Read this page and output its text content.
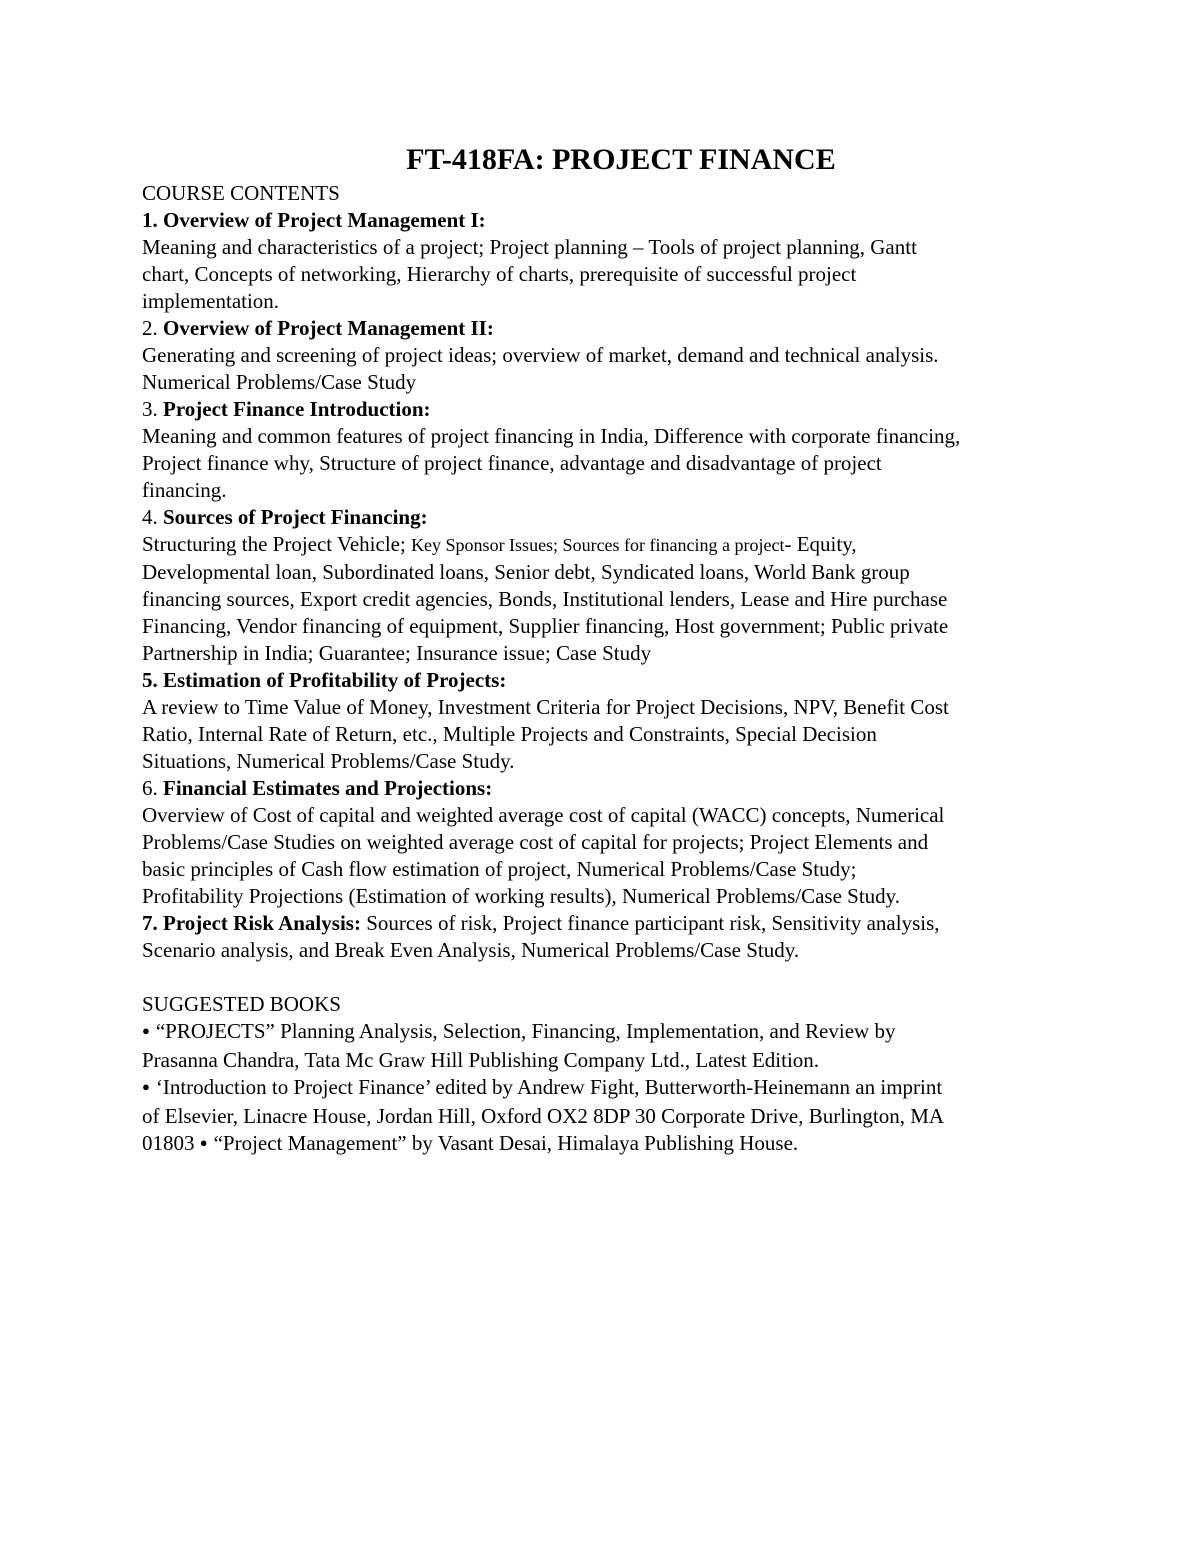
FT-418FA: PROJECT FINANCE
COURSE CONTENTS
1. Overview of Project Management I:
Meaning and characteristics of a project; Project planning – Tools of project planning, Gantt
chart, Concepts of networking, Hierarchy of charts, prerequisite of successful project
implementation.
2. Overview of Project Management II:
Generating and screening of project ideas; overview of market, demand and technical analysis.
Numerical Problems/Case Study
3. Project Finance Introduction:
Meaning and common features of project financing in India, Difference with corporate financing,
Project finance why, Structure of project finance, advantage and disadvantage of project
financing.
4. Sources of Project Financing:
Structuring the Project Vehicle; Key Sponsor Issues; Sources for financing a project- Equity,
Developmental loan, Subordinated loans, Senior debt, Syndicated loans, World Bank group
financing sources, Export credit agencies, Bonds, Institutional lenders, Lease and Hire purchase
Financing, Vendor financing of equipment, Supplier financing, Host government; Public private
Partnership in India; Guarantee; Insurance issue; Case Study
5. Estimation of Profitability of Projects:
A review to Time Value of Money, Investment Criteria for Project Decisions, NPV, Benefit Cost
Ratio, Internal Rate of Return, etc., Multiple Projects and Constraints, Special Decision
Situations, Numerical Problems/Case Study.
6. Financial Estimates and Projections:
Overview of Cost of capital and weighted average cost of capital (WACC) concepts, Numerical
Problems/Case Studies on weighted average cost of capital for projects; Project Elements and
basic principles of Cash flow estimation of project, Numerical Problems/Case Study;
Profitability Projections (Estimation of working results), Numerical Problems/Case Study.
7. Project Risk Analysis: Sources of risk, Project finance participant risk, Sensitivity analysis,
Scenario analysis, and Break Even Analysis, Numerical Problems/Case Study.
SUGGESTED BOOKS
● “PROJECTS” Planning Analysis, Selection, Financing, Implementation, and Review by
Prasanna Chandra, Tata Mc Graw Hill Publishing Company Ltd., Latest Edition.
● ‘Introduction to Project Finance’ edited by Andrew Fight, Butterworth-Heinemann an imprint
of Elsevier, Linacre House, Jordan Hill, Oxford OX2 8DP 30 Corporate Drive, Burlington, MA
01803 ● “Project Management” by Vasant Desai, Himalaya Publishing House.
